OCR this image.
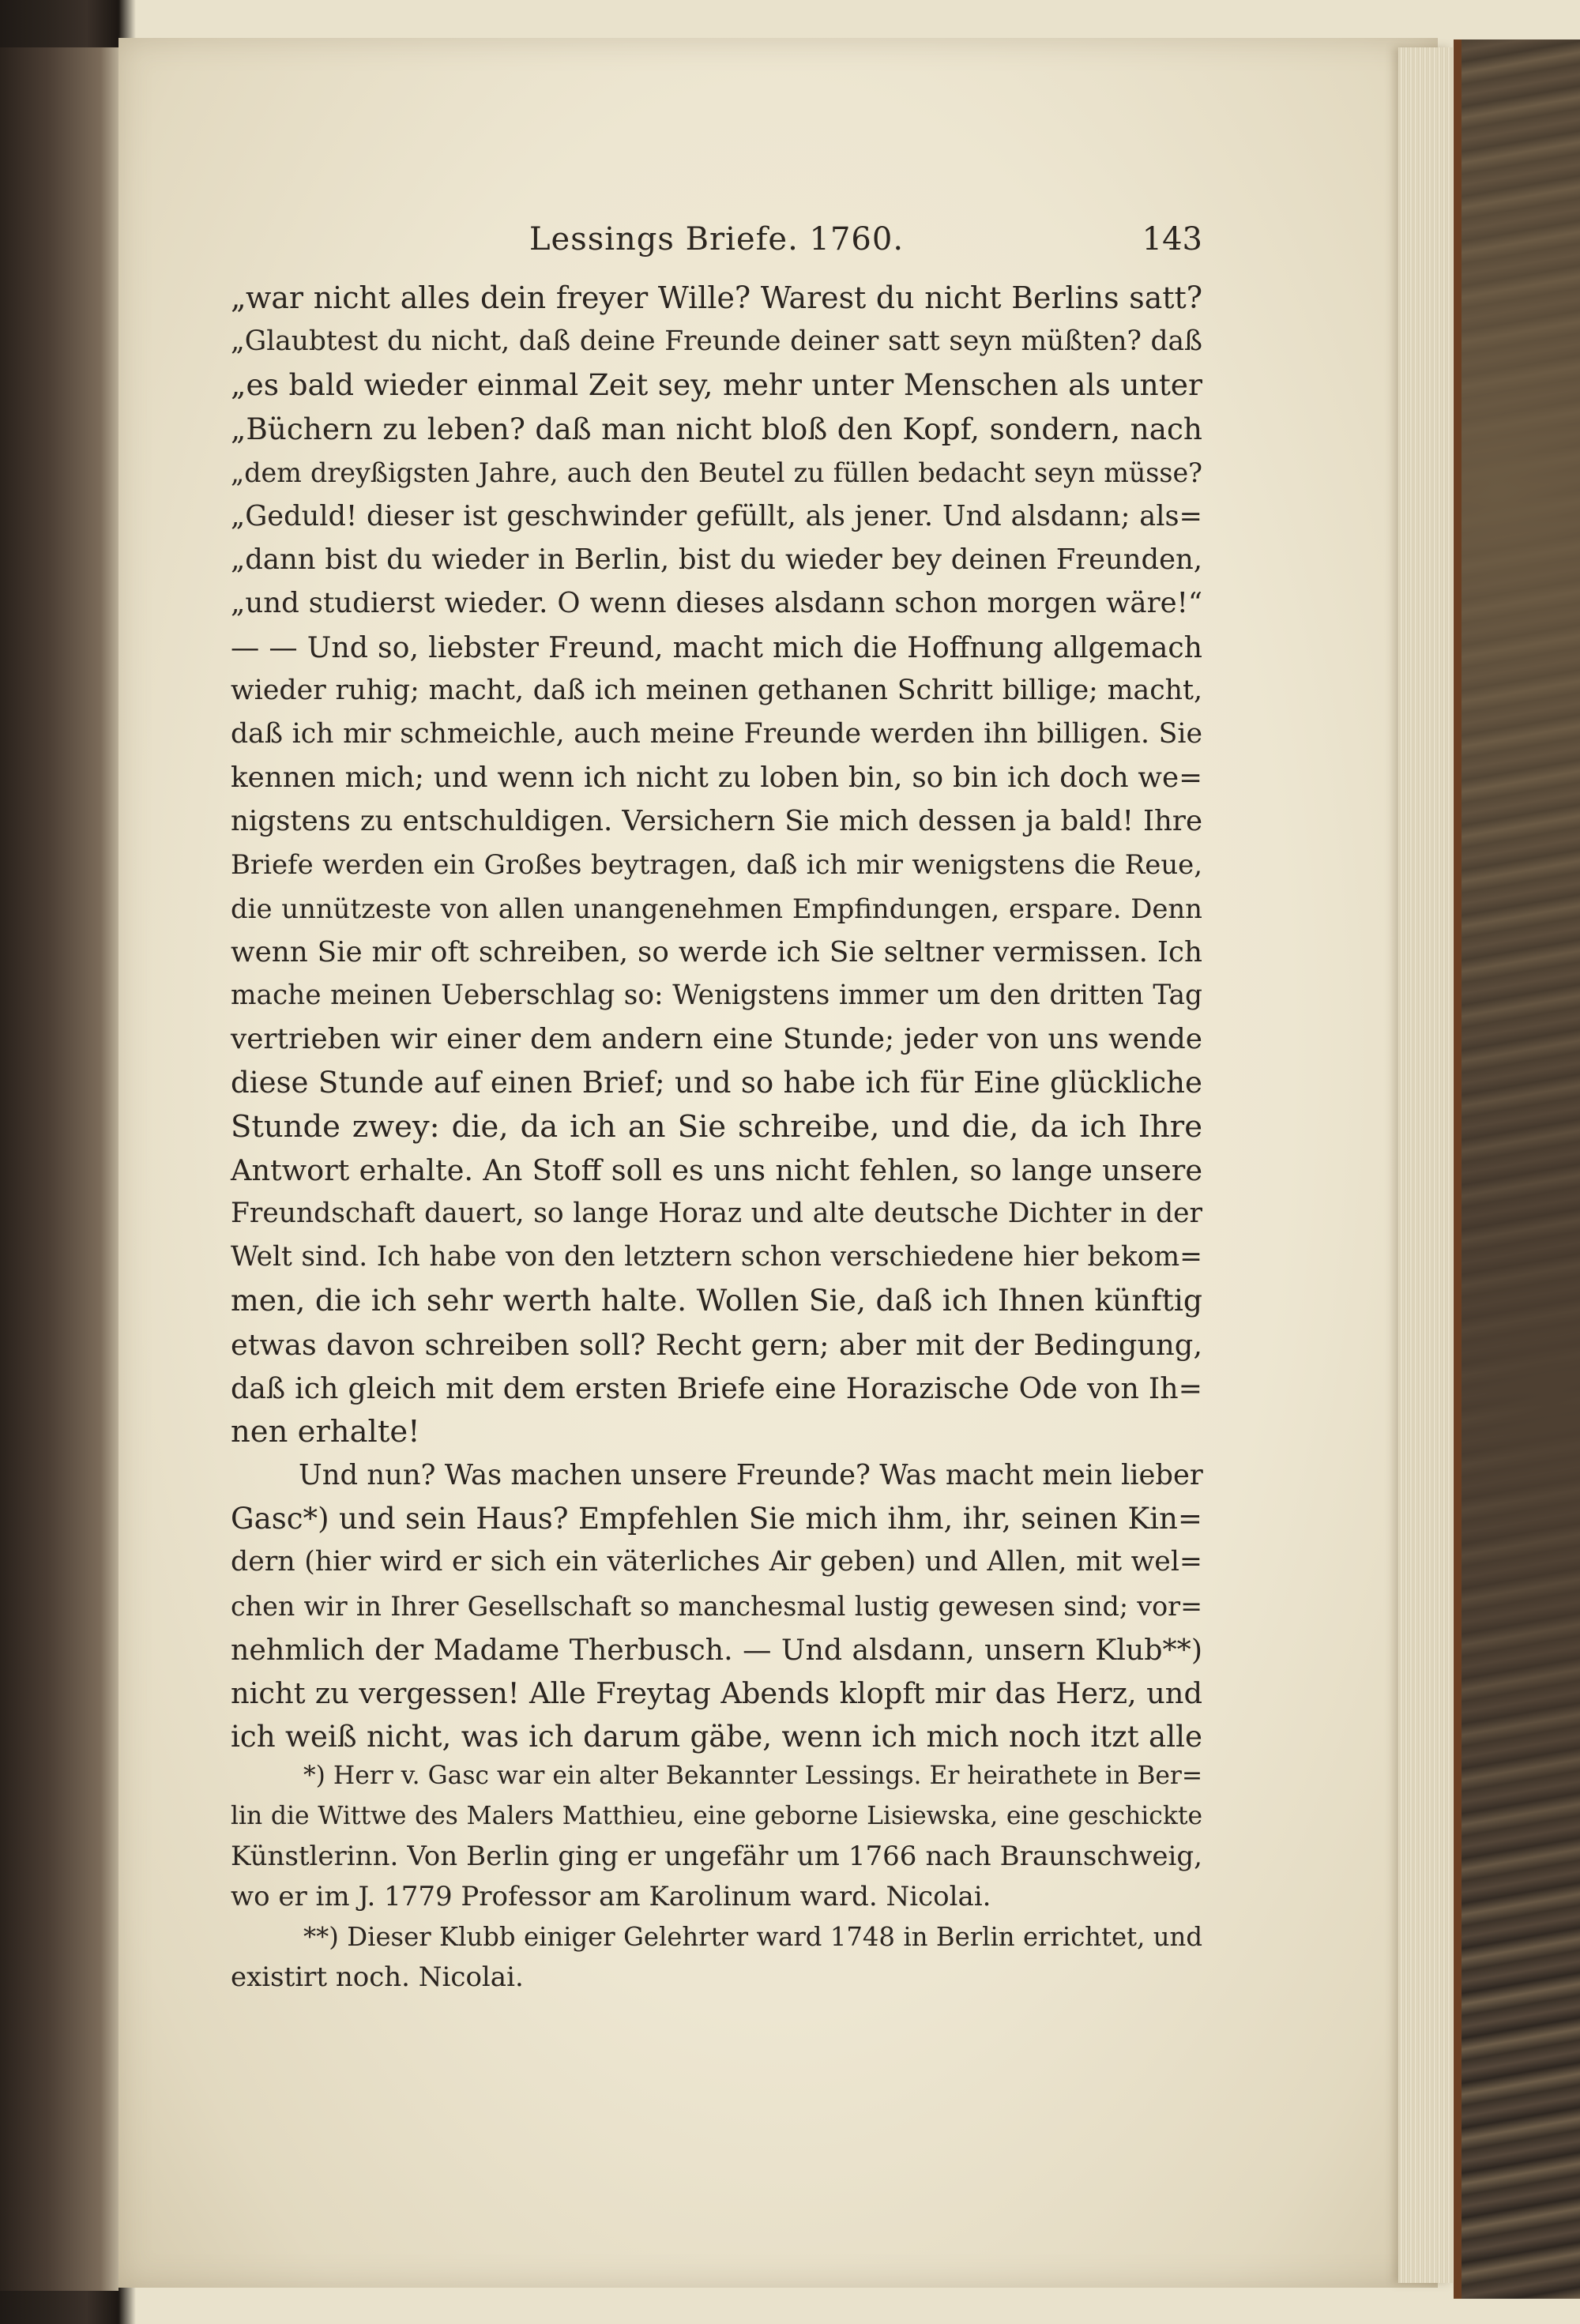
Lessings Briefe. 1760.	143
„war nicht alles dein freyer Wille? Warest du nicht Berlins satt?
„Glaubtest du nicht, daß deine Freunde deiner satt seyn müßten? daß
„es bald wieder einmal Zeit sey, mehr unter Menschen als unter
„Büchern zu leben? daß man nicht bloß den Kopf, sondern, nach
„dem dreyßigsten Jahre, auch den Beutel zu füllen bedacht seyn müsse?
„Geduld! dieser ist geschwinder gefüllt, als jener. Und alsdann; als=
„dann bist du wieder in Berlin, bist du wieder bey deinen Freunden,
„und studierst wieder. O wenn dieses alsdann schon morgen wäre!“
— — Und so, liebster Freund, macht mich die Hoffnung allgemach
wieder ruhig; macht, daß ich meinen gethanen Schritt billige; macht,
daß ich mir schmeichle, auch meine Freunde werden ihn billigen. Sie
kennen mich; und wenn ich nicht zu loben bin, so bin ich doch we=
nigstens zu entschuldigen. Versichern Sie mich dessen ja bald! Ihre
Briefe werden ein Großes beytragen, daß ich mir wenigstens die Reue,
die unnützeste von allen unangenehmen Empfindungen, erspare. Denn
wenn Sie mir oft schreiben, so werde ich Sie seltner vermissen. Ich
mache meinen Ueberschlag so: Wenigstens immer um den dritten Tag
vertrieben wir einer dem andern eine Stunde; jeder von uns wende
diese Stunde auf einen Brief; und so habe ich für Eine glückliche
Stunde zwey: die, da ich an Sie schreibe, und die, da ich Ihre
Antwort erhalte. An Stoff soll es uns nicht fehlen, so lange unsere
Freundschaft dauert, so lange Horaz und alte deutsche Dichter in der
Welt sind. Ich habe von den letztern schon verschiedene hier bekom=
men, die ich sehr werth halte. Wollen Sie, daß ich Ihnen künftig
etwas davon schreiben soll? Recht gern; aber mit der Bedingung,
daß ich gleich mit dem ersten Briefe eine Horazische Ode von Ih=
nen erhalte!
Und nun? Was machen unsere Freunde? Was macht mein lieber
Gasc*) und sein Haus? Empfehlen Sie mich ihm, ihr, seinen Kin=
dern (hier wird er sich ein väterliches Air geben) und Allen, mit wel=
chen wir in Ihrer Gesellschaft so manchesmal lustig gewesen sind; vor=
nehmlich der Madame Therbusch. — Und alsdann, unsern Klub**)
nicht zu vergessen! Alle Freytag Abends klopft mir das Herz, und
ich weiß nicht, was ich darum gäbe, wenn ich mich noch itzt alle
*) Herr v. Gasc war ein alter Bekannter Lessings. Er heirathete in Ber=
lin die Wittwe des Malers Matthieu, eine geborne Lisiewska, eine geschickte
Künstlerinn. Von Berlin ging er ungefähr um 1766 nach Braunschweig,
wo er im J. 1779 Professor am Karolinum ward. Nicolai.
**) Dieser Klubb einiger Gelehrter ward 1748 in Berlin errichtet, und
existirt noch. Nicolai.
